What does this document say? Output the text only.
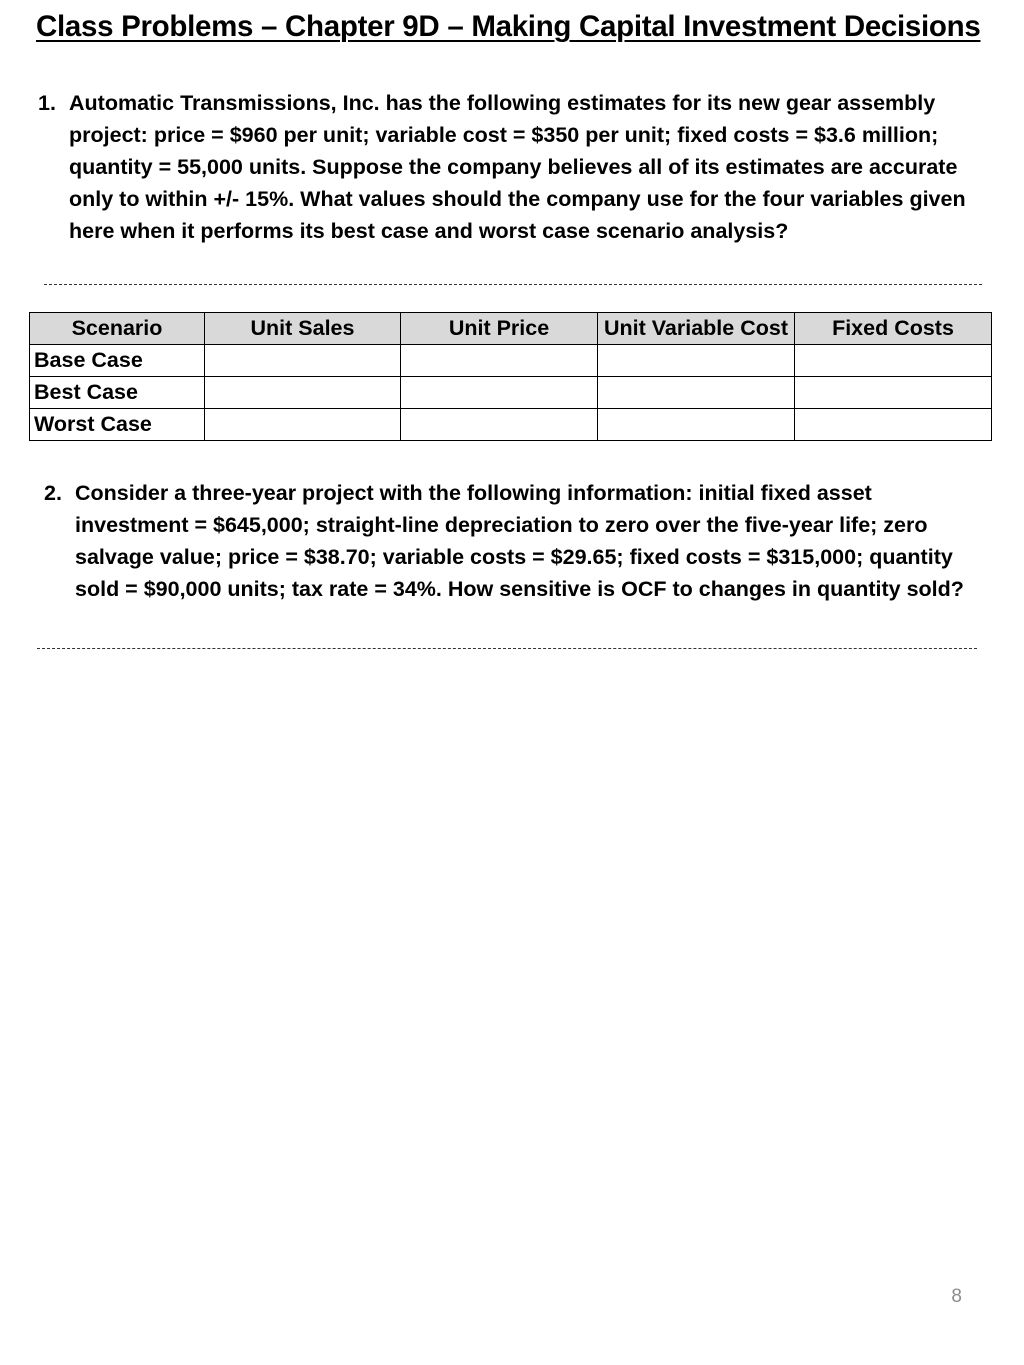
Class Problems – Chapter 9D – Making Capital Investment Decisions
1. Automatic Transmissions, Inc. has the following estimates for its new gear assembly project: price = $960 per unit; variable cost = $350 per unit; fixed costs = $3.6 million; quantity = 55,000 units. Suppose the company believes all of its estimates are accurate only to within +/- 15%. What values should the company use for the four variables given here when it performs its best case and worst case scenario analysis?

Scenario	Unit Sales	Unit Price	Unit Variable Cost	Fixed Costs
Base Case				
Best Case				
Worst Case				
2. Consider a three-year project with the following information: initial fixed asset investment = $645,000; straight-line depreciation to zero over the five-year life; zero salvage value; price = $38.70; variable costs = $29.65; fixed costs = $315,000; quantity sold = $90,000 units; tax rate = 34%. How sensitive is OCF to changes in quantity sold?

8
